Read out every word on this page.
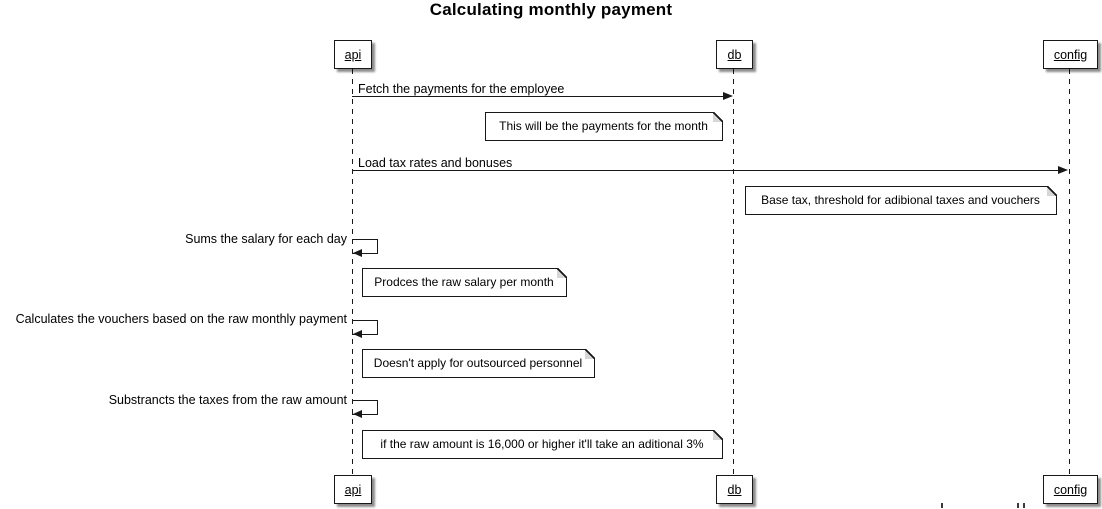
Calculating monthly payment
api	db	config
Fetch the payments for the employee
This will be the payments for the month
Load tax rates and bonuses
Base tax, threshold for adibional taxes and vouchers
Sums the salary for each day
Prodces the raw salary per month
Calculates the vouchers based on the raw monthly payment
Doesn't apply for outsourced personnel
Substrancts the taxes from the raw amount
if the raw amount is 16,000 or higher it'll take an aditional 3%
api	db	config
